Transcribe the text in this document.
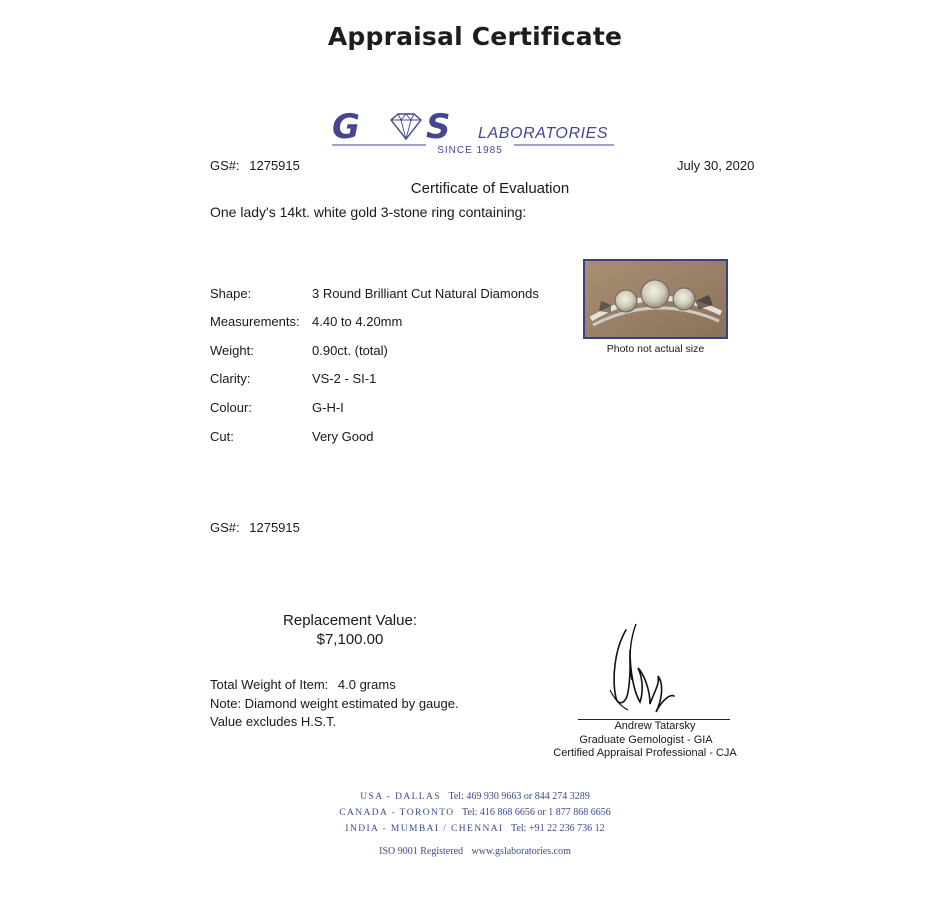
Appraisal Certificate
G S LABORATORIES
SINCE 1985
GS#: 1275915	July 30, 2020
Certificate of Evaluation
One lady's 14kt. white gold 3-stone ring containing:
Shape:	3 Round Brilliant Cut Natural Diamonds
Measurements: 4.40 to 4.20mm
Weight:	0.90ct. (total)
Clarity:	VS-2 - SI-1
Colour:	G-H-I
Cut:	Very Good
Photo not actual size
GS#: 1275915
Replacement Value:
$7,100.00
Total Weight of Item: 4.0 grams
Note: Diamond weight estimated by gauge.
Value excludes H.S.T.	Andrew Tatarsky
Graduate Gemologist - GIA
Certified Appraisal Professional - CJA
USA - DALLAS Tel: 469 930 9663 or 844 274 3289
CANADA - TORONTO Tel: 416 868 6656 or 1 877 868 6656
INDIA - MUMBAI / CHENNAI Tel: +91 22 236 736 12
ISO 9001 Registered www.gslaboratories.com
